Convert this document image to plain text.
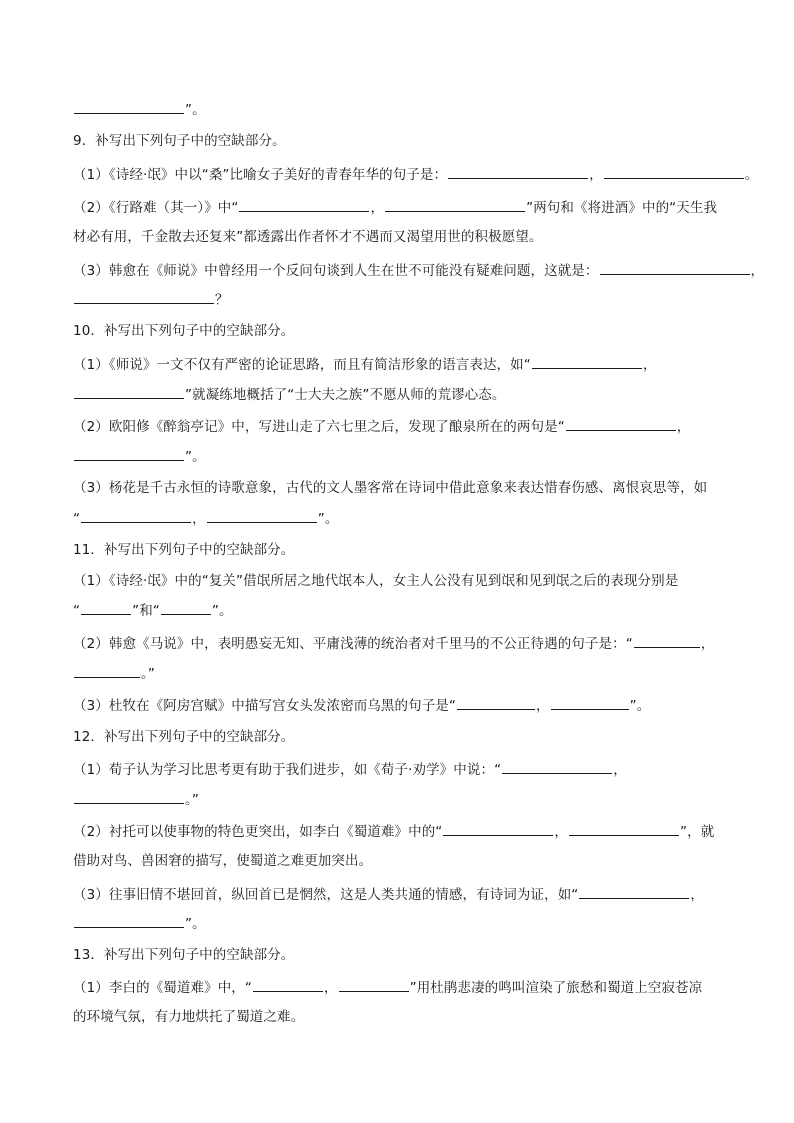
”。
9．补写出下列句子中的空缺部分。
（1）《诗经·氓》中以“桑”比喻女子美好的青春年华的句子是：	，	。
（2）《行路难（其一）》中“	，	”两句和《将进酒》中的“天生我
材必有用，千金散去还复来”都透露出作者怀才不遇而又渴望用世的积极愿望。
（3）韩愈在《师说》中曾经用一个反问句谈到人生在世不可能没有疑难问题，这就是：	，
？
10．补写出下列句子中的空缺部分。
（1）《师说》一文不仅有严密的论证思路，而且有简洁形象的语言表达，如“	，
”就凝练地概括了“士大夫之族”不愿从师的荒谬心态。
（2）欧阳修《醉翁亭记》中，写进山走了六七里之后，发现了酿泉所在的两句是“	，
”。
（3）杨花是千古永恒的诗歌意象，古代的文人墨客常在诗词中借此意象来表达惜春伤感、离恨哀思等，如
“	，	”。
11．补写出下列句子中的空缺部分。
（1）《诗经·氓》中的“复关”借氓所居之地代氓本人，女主人公没有见到氓和见到氓之后的表现分别是
“	”和“	”。
（2）韩愈《马说》中，表明愚妄无知、平庸浅薄的统治者对千里马的不公正待遇的句子是：“	，
。”
（3）杜牧在《阿房宫赋》中描写宫女头发浓密而乌黑的句子是“	，	”。
12．补写出下列句子中的空缺部分。
（1）荀子认为学习比思考更有助于我们进步，如《荀子·劝学》中说：“	，
。”
（2）衬托可以使事物的特色更突出，如李白《蜀道难》中的“	，	”，就
借助对鸟、兽困窘的描写，使蜀道之难更加突出。
（3）往事旧情不堪回首，纵回首已是惘然，这是人类共通的情感，有诗词为证，如“	，
”。
13．补写出下列句子中的空缺部分。
（1）李白的《蜀道难》中，“	，	”用杜鹃悲凄的鸣叫渲染了旅愁和蜀道上空寂苍凉
的环境气氛，有力地烘托了蜀道之难。
